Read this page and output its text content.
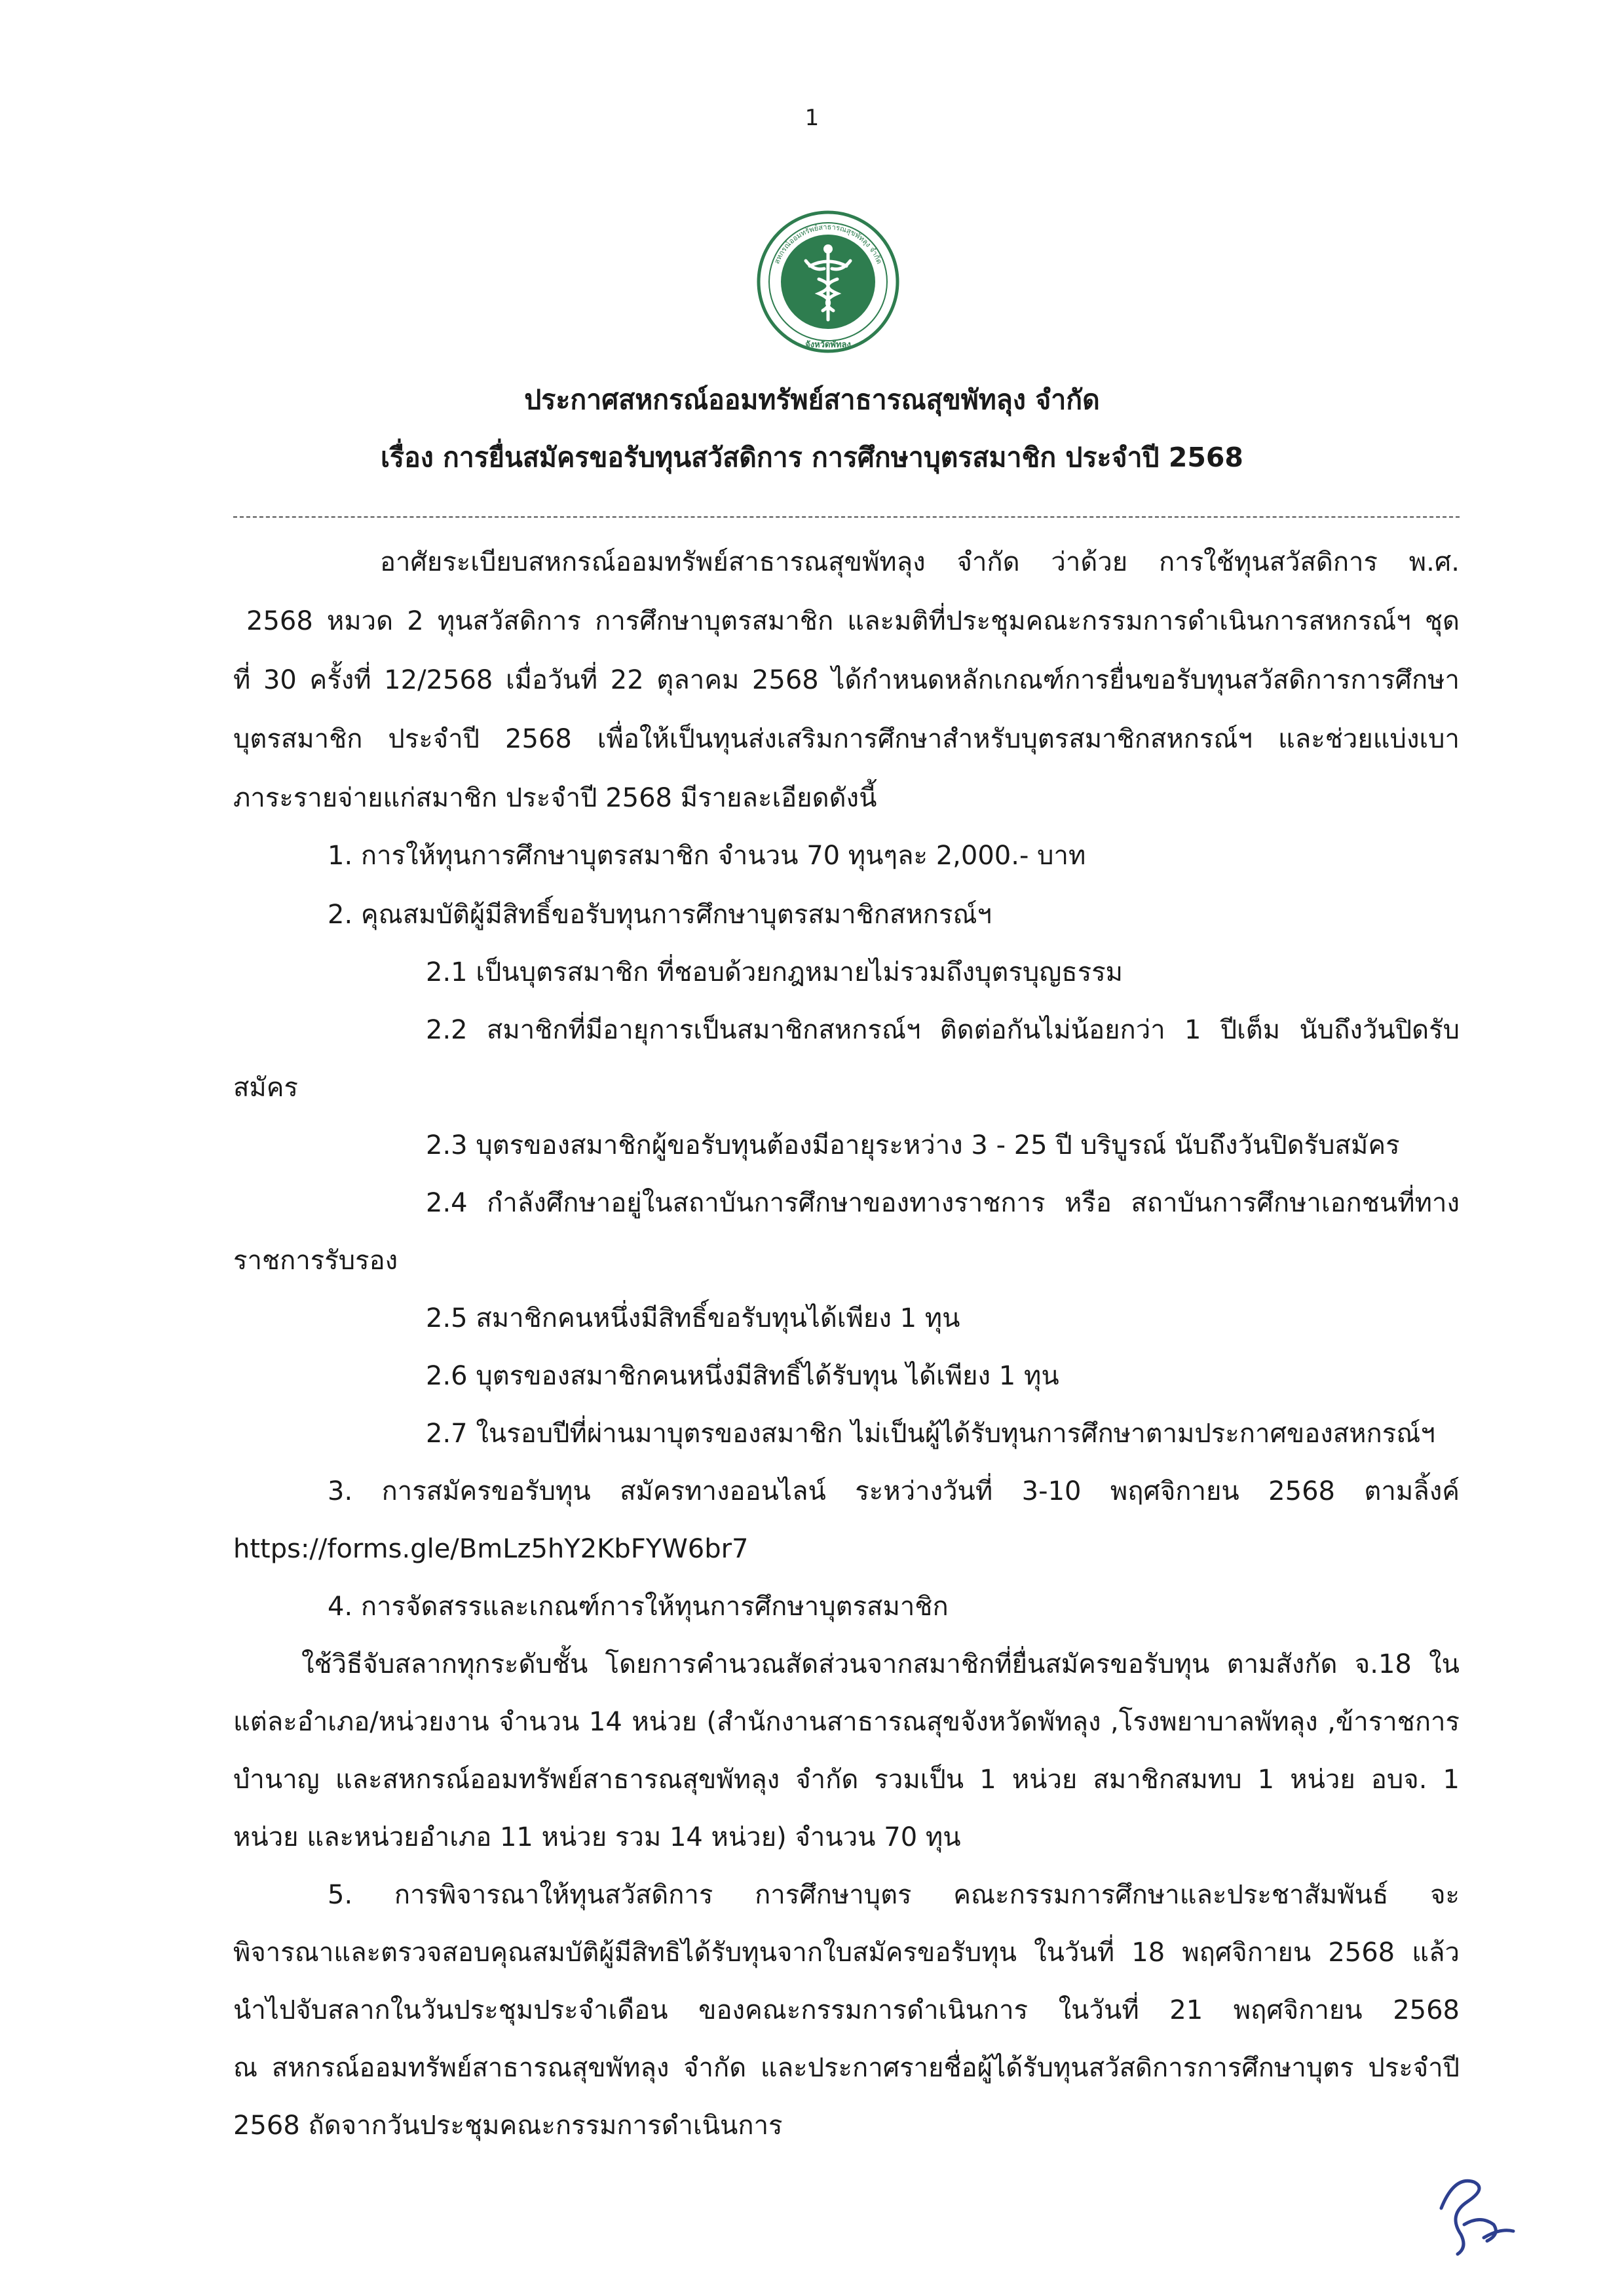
1
สหกรณ์ออมทรัพย์สาธารณสุขพัทลุง จำกัด
จังหวัดพัทลุง
ประกาศสหกรณ์ออมทรัพย์สาธารณสุขพัทลุง จำกัด
เรื่อง การยื่นสมัครขอรับทุนสวัสดิการ การศึกษาบุตรสมาชิก ประจำปี 2568
อาศัยระเบียบสหกรณ์ออมทรัพย์สาธารณสุขพัทลุง จำกัด ว่าด้วย การใช้ทุนสวัสดิการ พ.ศ.
2568 หมวด 2 ทุนสวัสดิการ การศึกษาบุตรสมาชิก และมติที่ประชุมคณะกรรมการดำเนินการสหกรณ์ฯ ชุด
ที่ 30 ครั้งที่ 12/2568 เมื่อวันที่ 22 ตุลาคม 2568 ได้กำหนดหลักเกณฑ์การยื่นขอรับทุนสวัสดิการการศึกษา
บุตรสมาชิก ประจำปี 2568 เพื่อให้เป็นทุนส่งเสริมการศึกษาสำหรับบุตรสมาชิกสหกรณ์ฯ และช่วยแบ่งเบา
ภาระรายจ่ายแก่สมาชิก ประจำปี 2568 มีรายละเอียดดังนี้
1. การให้ทุนการศึกษาบุตรสมาชิก จำนวน 70 ทุนๆละ 2,000.- บาท
2. คุณสมบัติผู้มีสิทธิ์ขอรับทุนการศึกษาบุตรสมาชิกสหกรณ์ฯ
2.1 เป็นบุตรสมาชิก ที่ชอบด้วยกฎหมายไม่รวมถึงบุตรบุญธรรม
2.2 สมาชิกที่มีอายุการเป็นสมาชิกสหกรณ์ฯ ติดต่อกันไม่น้อยกว่า 1 ปีเต็ม นับถึงวันปิดรับ
สมัคร
2.3 บุตรของสมาชิกผู้ขอรับทุนต้องมีอายุระหว่าง 3 - 25 ปี บริบูรณ์ นับถึงวันปิดรับสมัคร
2.4 กำลังศึกษาอยู่ในสถาบันการศึกษาของทางราชการ หรือ สถาบันการศึกษาเอกชนที่ทาง
ราชการรับรอง
2.5 สมาชิกคนหนึ่งมีสิทธิ์ขอรับทุนได้เพียง 1 ทุน
2.6 บุตรของสมาชิกคนหนึ่งมีสิทธิ์ได้รับทุน ได้เพียง 1 ทุน
2.7 ในรอบปีที่ผ่านมาบุตรของสมาชิก ไม่เป็นผู้ได้รับทุนการศึกษาตามประกาศของสหกรณ์ฯ
3. การสมัครขอรับทุน สมัครทางออนไลน์ ระหว่างวันที่ 3-10 พฤศจิกายน 2568 ตามลิ้งค์
https://forms.gle/BmLz5hY2KbFYW6br7
4. การจัดสรรและเกณฑ์การให้ทุนการศึกษาบุตรสมาชิก
ใช้วิธีจับสลากทุกระดับชั้น โดยการคำนวณสัดส่วนจากสมาชิกที่ยื่นสมัครขอรับทุน ตามสังกัด จ.18 ใน
แต่ละอำเภอ/หน่วยงาน จำนวน 14 หน่วย (สำนักงานสาธารณสุขจังหวัดพัทลุง ,โรงพยาบาลพัทลุง ,ข้าราชการ
บำนาญ และสหกรณ์ออมทรัพย์สาธารณสุขพัทลุง จำกัด รวมเป็น 1 หน่วย สมาชิกสมทบ 1 หน่วย อบจ. 1
หน่วย และหน่วยอำเภอ 11 หน่วย รวม 14 หน่วย) จำนวน 70 ทุน
5. การพิจารณาให้ทุนสวัสดิการ การศึกษาบุตร คณะกรรมการศึกษาและประชาสัมพันธ์ จะ
พิจารณาและตรวจสอบคุณสมบัติผู้มีสิทธิได้รับทุนจากใบสมัครขอรับทุน ในวันที่ 18 พฤศจิกายน 2568 แล้ว
นำไปจับสลากในวันประชุมประจำเดือน ของคณะกรรมการดำเนินการ ในวันที่ 21 พฤศจิกายน 2568
ณ สหกรณ์ออมทรัพย์สาธารณสุขพัทลุง จำกัด และประกาศรายชื่อผู้ได้รับทุนสวัสดิการการศึกษาบุตร ประจำปี
2568 ถัดจากวันประชุมคณะกรรมการดำเนินการ
